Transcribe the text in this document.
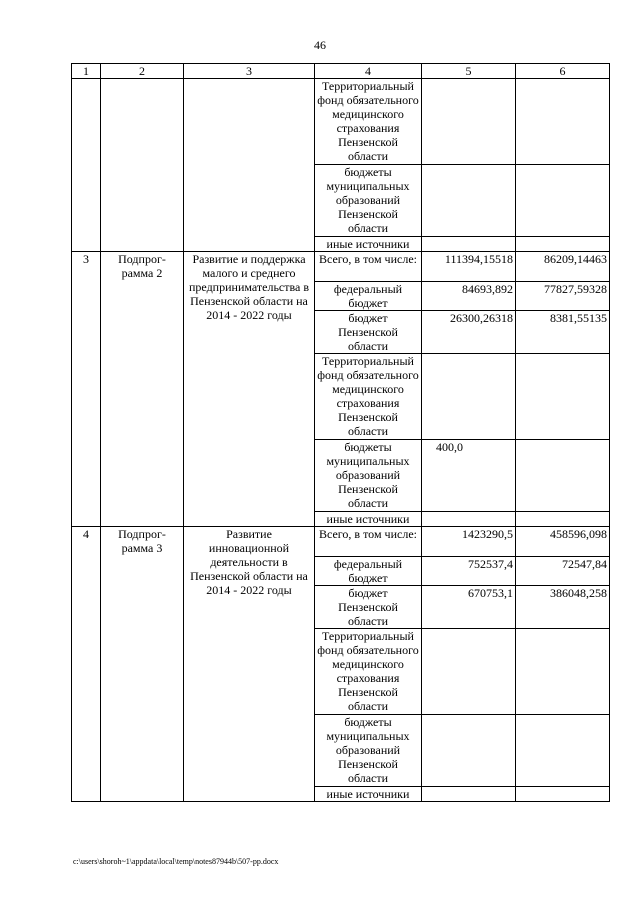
46
1	2	3	4	5	6
			Территориальный фонд обязательного медицинского страхования Пензенской области		
			бюджеты муниципальных образований Пензенской области		
			иные источники		
3	Подпрог-рамма 2	Развитие и поддержка малого и среднего предпринимательства в Пензенской области на 2014 - 2022 годы	Всего, в том числе:	111394,15518	86209,14463
			федеральный бюджет	84693,892	77827,59328
			бюджет Пензенской области	26300,26318	8381,55135
			Территориальный фонд обязательного медицинского страхования Пензенской области		
			бюджеты муниципальных образований Пензенской области	400,0	
			иные источники		
4	Подпрог-рамма 3	Развитие инновационной деятельности в Пензенской области на 2014 - 2022 годы	Всего, в том числе:	1423290,5	458596,098
			федеральный бюджет	752537,4	72547,84
			бюджет Пензенской области	670753,1	386048,258
			Территориальный фонд обязательного медицинского страхования Пензенской области		
			бюджеты муниципальных образований Пензенской области		
			иные источники		
c:\users\shoroh~1\appdata\local\temp\notes87944b\507-pp.docx
